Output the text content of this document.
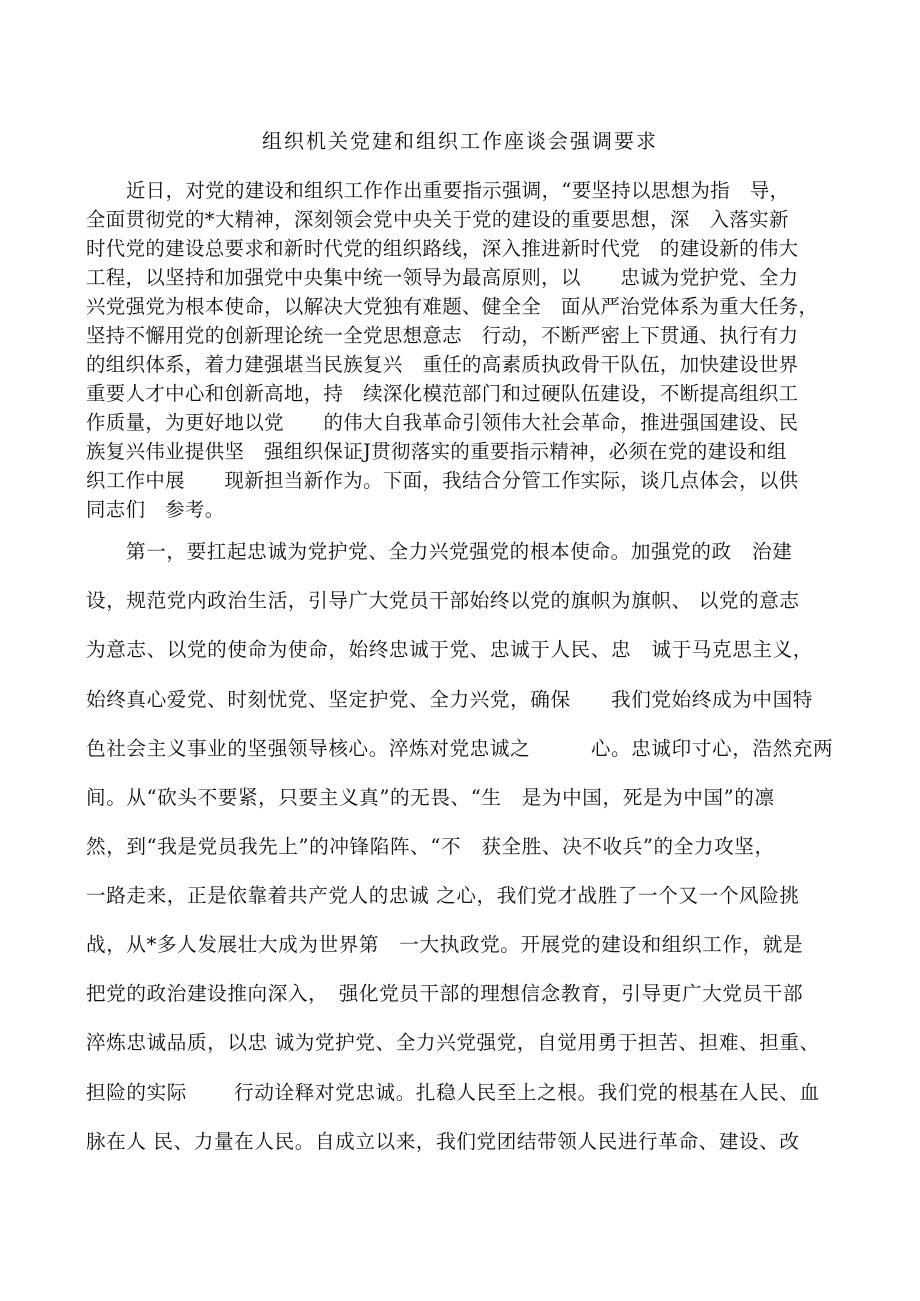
组织机关党建和组织工作座谈会强调要求
近日，对党的建设和组织工作作出重要指示强调，“要坚持以思想为指　导，
全面贯彻党的*大精神，深刻领会党中央关于党的建设的重要思想，深　入落实新
时代党的建设总要求和新时代党的组织路线，深入推进新时代党　的建设新的伟大
工程，以坚持和加强党中央集中统一领导为最高原则，以　　忠诚为党护党、全力
兴党强党为根本使命，以解决大党独有难题、健全全　面从严治党体系为重大任务，
坚持不懈用党的创新理论统一全党思想意志　行动，不断严密上下贯通、执行有力
的组织体系，着力建强堪当民族复兴　重任的高素质执政骨干队伍，加快建设世界
重要人才中心和创新高地，持　续深化模范部门和过硬队伍建设，不断提高组织工
作质量，为更好地以党　　的伟大自我革命引领伟大社会革命，推进强国建设、民
族复兴伟业提供坚　强组织保证J贯彻落实的重要指示精神，必须在党的建设和组
织工作中展　　现新担当新作为。下面，我结合分管工作实际，谈几点体会，以供
同志们　参考。
第一，要扛起忠诚为党护党、全力兴党强党的根本使命。加强党的政　治建
设，规范党内政治生活，引导广大党员干部始终以党的旗帜为旗帜、 以党的意志
为意志、以党的使命为使命，始终忠诚于党、忠诚于人民、忠　诚于马克思主义，
始终真心爱党、时刻忧党、坚定护党、全力兴党，确保　　我们党始终成为中国特
色社会主义事业的坚强领导核心。淬炼对党忠诚之　　　心。忠诚印寸心，浩然充两
间。从“砍头不要紧，只要主义真”的无畏、“生　是为中国，死是为中国”的凛
然，到“我是党员我先上”的冲锋陷阵、“不　获全胜、决不收兵”的全力攻坚，
一路走来，正是依靠着共产党人的忠诚 之心，我们党才战胜了一个又一个风险挑
战，从*多人发展壮大成为世界第　一大执政党。开展党的建设和组织工作，就是
把党的政治建设推向深入，　强化党员干部的理想信念教育，引导更广大党员干部
淬炼忠诚品质，以忠 诚为党护党、全力兴党强党，自觉用勇于担苦、担难、担重、
担险的实际　　 行动诠释对党忠诚。扎稳人民至上之根。我们党的根基在人民、血
脉在人 民、力量在人民。自成立以来，我们党团结带领人民进行革命、建设、改
